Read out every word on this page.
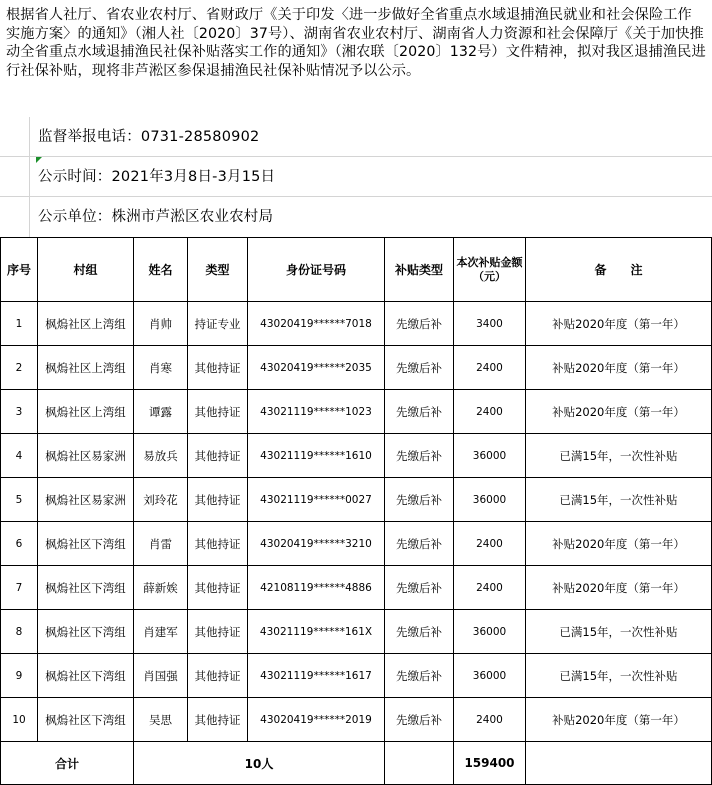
根据省人社厅、省农业农村厅、省财政厅《关于印发〈进一步做好全省重点水域退捕渔民就业和社会保险工作实施方案〉的通知》（湘人社〔2020〕37号）、湖南省农业农村厅、湖南省人力资源和社会保障厅《关于加快推动全省重点水域退捕渔民社保补贴落实工作的通知》（湘农联〔2020〕132号）文件精神，拟对我区退捕渔民进行社保补贴，现将非芦淞区参保退捕渔民社保补贴情况予以公示。
监督举报电话：0731-28580902
公示时间：2021年3月8日-3月15日
公示单位：株洲市芦淞区农业农村局
序号	村组	姓名	类型	身份证号码	补贴类型	本次补贴金额（元）	备　　注
1	枫熓社区上湾组	肖帅	持证专业	43020419******7018	先缴后补	3400	补贴2020年度（第一年）
2	枫熓社区上湾组	肖寒	其他持证	43020419******2035	先缴后补	2400	补贴2020年度（第一年）
3	枫熓社区上湾组	谭露	其他持证	43021119******1023	先缴后补	2400	补贴2020年度（第一年）
4	枫熓社区易家洲	易放兵	其他持证	43021119******1610	先缴后补	36000	已满15年，一次性补贴
5	枫熓社区易家洲	刘玲花	其他持证	43021119******0027	先缴后补	36000	已满15年，一次性补贴
6	枫熓社区下湾组	肖雷	其他持证	43020419******3210	先缴后补	2400	补贴2020年度（第一年）
7	枫熓社区下湾组	薛新娭	其他持证	42108119******4886	先缴后补	2400	补贴2020年度（第一年）
8	枫熓社区下湾组	肖建军	其他持证	43021119******161X	先缴后补	36000	已满15年，一次性补贴
9	枫熓社区下湾组	肖国强	其他持证	43021119******1617	先缴后补	36000	已满15年，一次性补贴
10	枫熓社区下湾组	吴思	其他持证	43020419******2019	先缴后补	2400	补贴2020年度（第一年）
合计		10人				159400	
